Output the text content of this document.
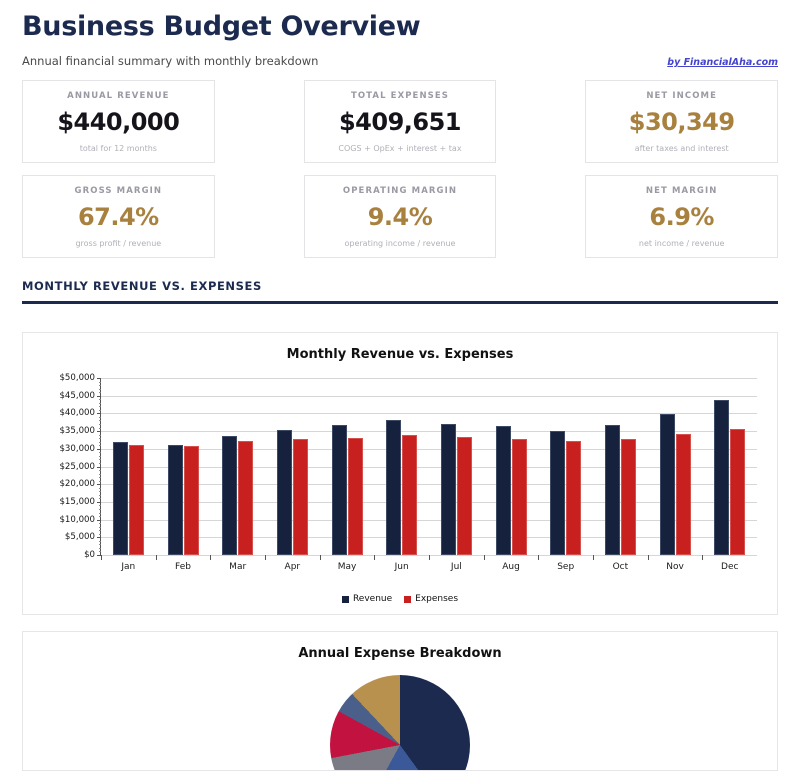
Business Budget Overview
Annual financial summary with monthly breakdown	by FinancialAha.com
ANNUAL REVENUE
$440,000
total for 12 months
TOTAL EXPENSES
$409,651
COGS + OpEx + interest + tax
NET INCOME
$30,349
after taxes and interest
GROSS MARGIN
67.4%
gross profit / revenue
OPERATING MARGIN
9.4%
operating income / revenue
NET MARGIN
6.9%
net income / revenue
MONTHLY REVENUE VS. EXPENSES
Monthly Revenue vs. Expenses
$0
$5,000
$10,000
$15,000
$20,000
$25,000
$30,000
$35,000
$40,000
$45,000
$50,000
Jan	Feb	Mar	Apr	May	Jun	Jul	Aug	Sep	Oct	Nov	Dec
Revenue	Expenses
Annual Expense Breakdown
